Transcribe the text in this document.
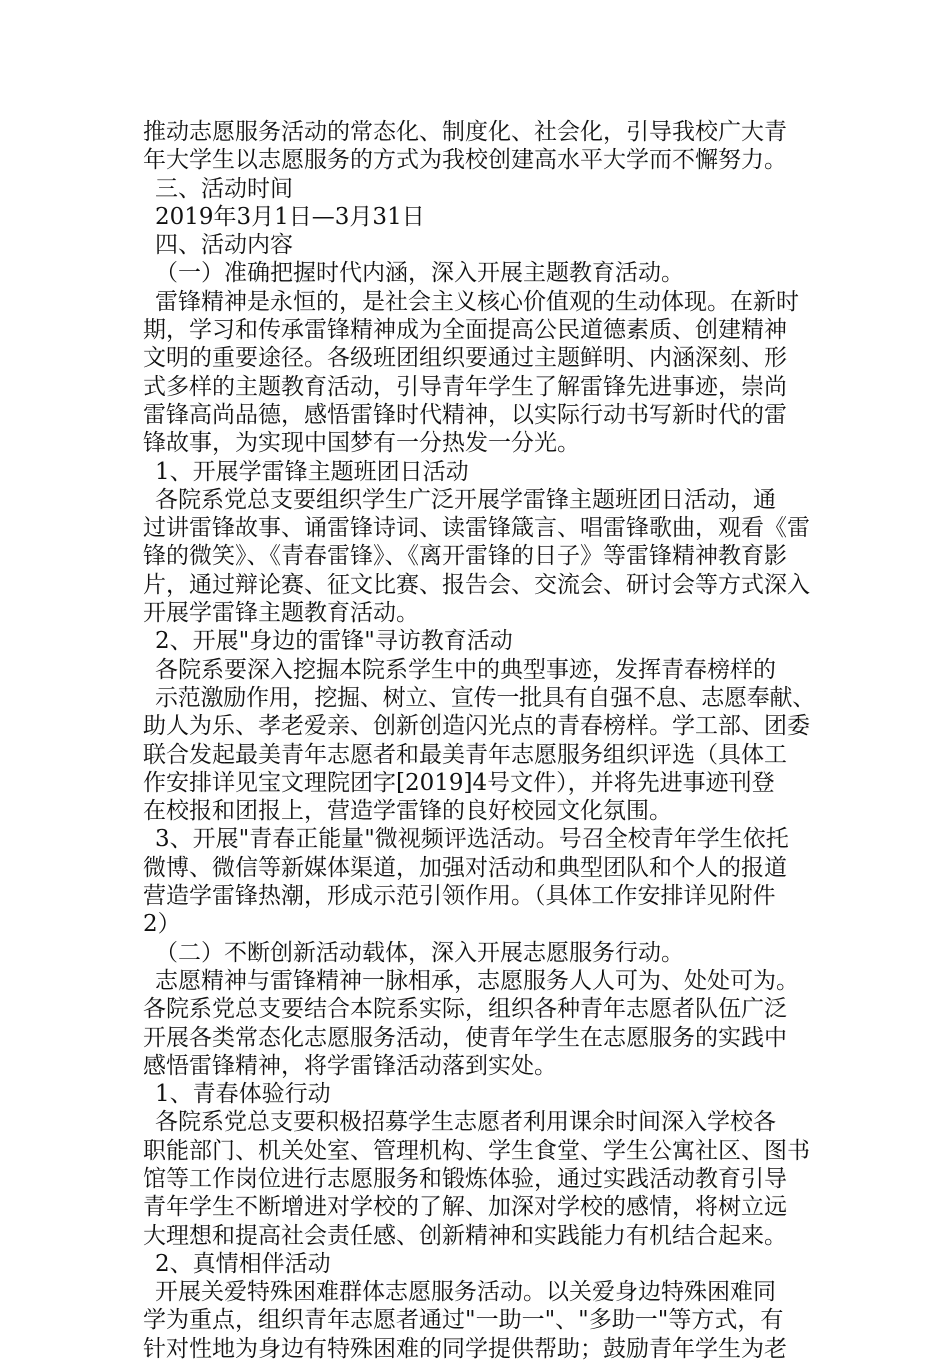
推动志愿服务活动的常态化、制度化、社会化，引导我校广大青
年大学生以志愿服务的方式为我校创建高水平大学而不懈努力。
三、活动时间
2019年3月1日—3月31日
四、活动内容
（一）准确把握时代内涵，深入开展主题教育活动。
雷锋精神是永恒的，是社会主义核心价值观的生动体现。在新时
期，学习和传承雷锋精神成为全面提高公民道德素质、创建精神
文明的重要途径。各级班团组织要通过主题鲜明、内涵深刻、形
式多样的主题教育活动，引导青年学生了解雷锋先进事迹，崇尚
雷锋高尚品德，感悟雷锋时代精神，以实际行动书写新时代的雷
锋故事，为实现中国梦有一分热发一分光。
1、开展学雷锋主题班团日活动
各院系党总支要组织学生广泛开展学雷锋主题班团日活动，通
过讲雷锋故事、诵雷锋诗词、读雷锋箴言、唱雷锋歌曲，观看《雷
锋的微笑》、《青春雷锋》、《离开雷锋的日子》等雷锋精神教育影
片，通过辩论赛、征文比赛、报告会、交流会、研讨会等方式深入
开展学雷锋主题教育活动。
2、开展"身边的雷锋"寻访教育活动
各院系要深入挖掘本院系学生中的典型事迹，发挥青春榜样的
示范激励作用，挖掘、树立、宣传一批具有自强不息、志愿奉献、
助人为乐、孝老爱亲、创新创造闪光点的青春榜样。学工部、团委
联合发起最美青年志愿者和最美青年志愿服务组织评选（具体工
作安排详见宝文理院团字[2019]4号文件），并将先进事迹刊登
在校报和团报上，营造学雷锋的良好校园文化氛围。
3、开展"青春正能量"微视频评选活动。号召全校青年学生依托
微博、微信等新媒体渠道，加强对活动和典型团队和个人的报道
营造学雷锋热潮，形成示范引领作用。（具体工作安排详见附件
2）
（二）不断创新活动载体，深入开展志愿服务行动。
志愿精神与雷锋精神一脉相承，志愿服务人人可为、处处可为。
各院系党总支要结合本院系实际，组织各种青年志愿者队伍广泛
开展各类常态化志愿服务活动，使青年学生在志愿服务的实践中
感悟雷锋精神，将学雷锋活动落到实处。
1、青春体验行动
各院系党总支要积极招募学生志愿者利用课余时间深入学校各
职能部门、机关处室、管理机构、学生食堂、学生公寓社区、图书
馆等工作岗位进行志愿服务和锻炼体验，通过实践活动教育引导
青年学生不断增进对学校的了解、加深对学校的感情，将树立远
大理想和提高社会责任感、创新精神和实践能力有机结合起来。
2、真情相伴活动
开展关爱特殊困难群体志愿服务活动。以关爱身边特殊困难同
学为重点，组织青年志愿者通过"一助一"、"多助一"等方式，有
针对性地为身边有特殊困难的同学提供帮助；鼓励青年学生为老
